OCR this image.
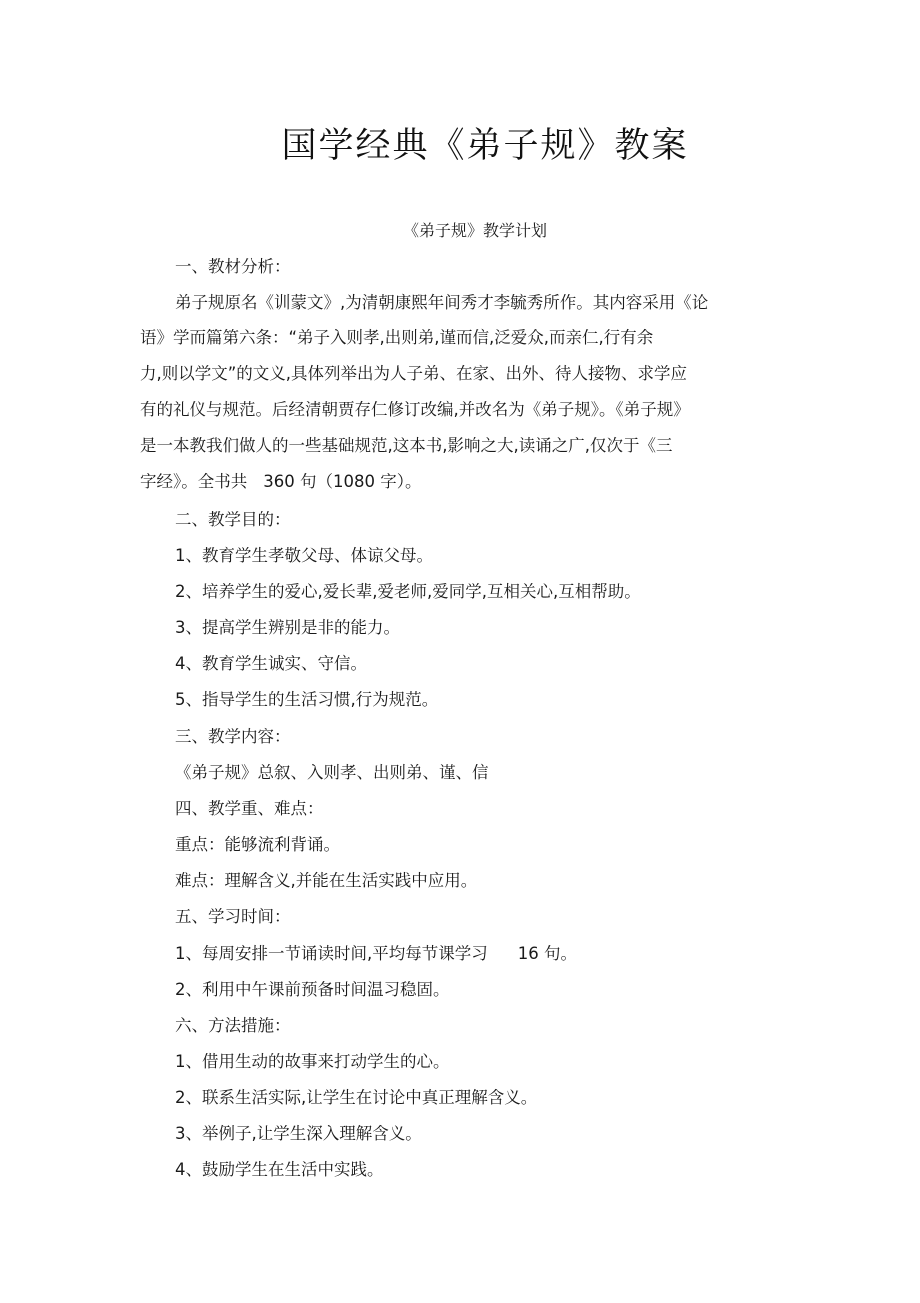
国学经典《弟子规》教案
《弟子规》教学计划
一、教材分析：
弟子规原名《训蒙文》,为清朝康熙年间秀才李毓秀所作。其内容采用《论
语》学而篇第六条：“弟子入则孝,出则弟,谨而信,泛爱众,而亲仁,行有余
力,则以学文”的文义,具体列举出为人子弟、在家、出外、待人接物、求学应
有的礼仪与规范。后经清朝贾存仁修订改编,并改名为《弟子规》。《弟子规》
是一本教我们做人的一些基础规范,这本书,影响之大,读诵之广,仅次于《三
字经》。全书共 360 句（1080 字）。
二、教学目的：
1、教育学生孝敬父母、体谅父母。
2、培养学生的爱心,爱长辈,爱老师,爱同学,互相关心,互相帮助。
3、提高学生辨别是非的能力。
4、教育学生诚实、守信。
5、指导学生的生活习惯,行为规范。
三、教学内容：
《弟子规》总叙、入则孝、出则弟、谨、信
四、教学重、难点：
重点：能够流利背诵。
难点：理解含义,并能在生活实践中应用。
五、学习时间：
1、每周安排一节诵读时间,平均每节课学习 16 句。
2、利用中午课前预备时间温习稳固。
六、方法措施：
1、借用生动的故事来打动学生的心。
2、联系生活实际,让学生在讨论中真正理解含义。
3、举例子,让学生深入理解含义。
4、鼓励学生在生活中实践。
